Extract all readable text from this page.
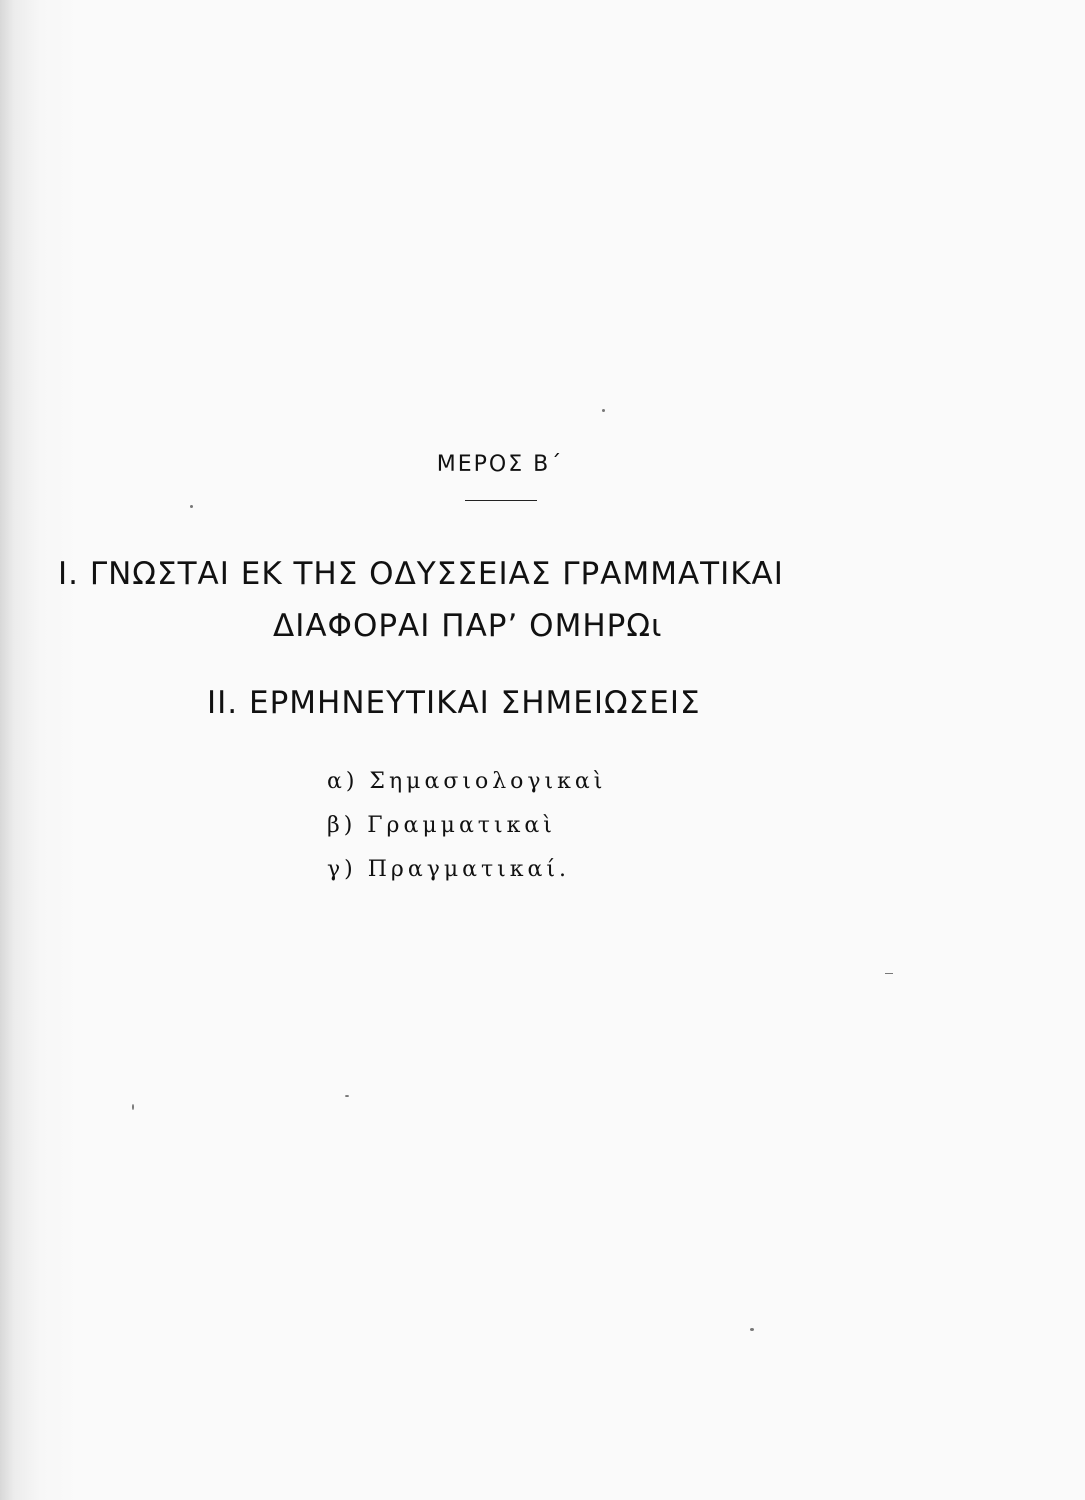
ΜΕΡΟΣ Β΄
Ι. ΓΝΩΣΤΑΙ ΕΚ ΤΗΣ ΟΔΥΣΣΕΙΑΣ ΓΡΑΜΜΑΤΙΚΑΙ
ΔΙΑΦΟΡΑΙ ΠΑΡ’ ΟΜΗΡΩι
ΙΙ. ΕΡΜΗΝΕΥΤΙΚΑΙ ΣΗΜΕΙΩΣΕΙΣ
α) Σημασιολογικαὶ
β) Γραμματικαὶ
γ) Πραγματικαί.
